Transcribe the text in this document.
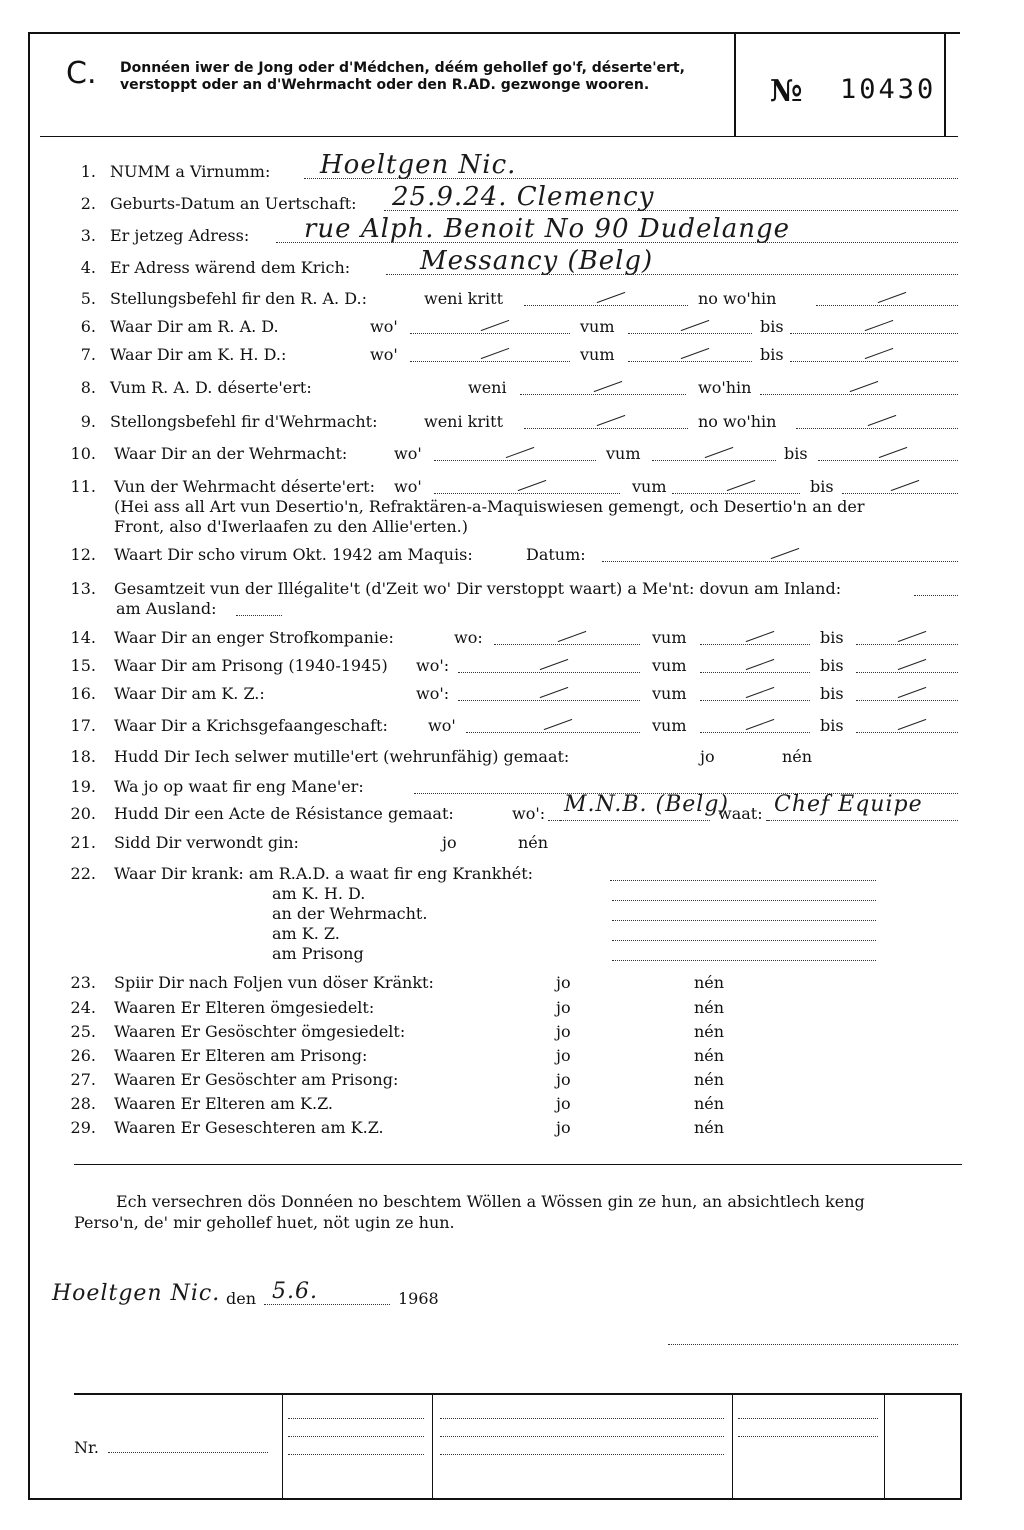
C. Donnéen iwer de Jong oder d'Médchen, déém gehollef go'f, déserte'ert, verstoppt oder an d'Wehrmacht oder den R.AD. gezwonge wooren.	№ 10430
1. NUMM a Virnumm: Hoeltgen Nic.
2. Geburts-Datum an Uertschaft: 25.9.24. Clemency
3. Er jetzeg Adress: rue Alph. Benoit No 90 Dudelange
4. Er Adress wärend dem Krich:	Messancy (Belg)
5. Stellungsbefehl fir den R. A. D.:	weni kritt	no wo'hin
6. Waar Dir am R. A. D.	wo'	vum	bis
7. Waar Dir am K. H. D.:	wo'	vum	bis
8. Vum R. A. D. déserte'ert:	weni	wo'hin
9. Stellongsbefehl fir d'Wehrmacht:	weni kritt	no wo'hin
10. Waar Dir an der Wehrmacht:	wo'	vum	bis
11. Vun der Wehrmacht déserte'ert: wo'	vum	bis
(Hei ass all Art vun Desertio'n, Refraktären-a-Maquiswiesen gemengt, och Desertio'n an der
Front, also d'Iwerlaafen zu den Allie'erten.)
12. Waart Dir scho virum Okt. 1942 am Maquis:	Datum:
13. Gesamtzeit vun der Illégalite't (d'Zeit wo' Dir verstoppt waart) a Me'nt: dovun am Inland:
am Ausland:
14. Waar Dir an enger Strofkompanie:	wo:	vum	bis
15. Waar Dir am Prisong (1940-1945) wo':	vum	bis
16. Waar Dir am K. Z.:	wo':	vum	bis
17. Waar Dir a Krichsgefaangeschaft:	wo'	vum	bis
18. Hudd Dir Iech selwer mutille'ert (wehrunfähig) gemaat:	jo	nén
19. Wa jo op waat fir eng Mane'er:
20. Hudd Dir een Acte de Résistance gemaat:	wo':	waat:
M.N.B. (Belg) Chef Equipe
21. Sidd Dir verwondt gin:	jo	nén
22. Waar Dir krank: am R.A.D. a waat fir eng Krankhét:
am K. H. D.
an der Wehrmacht.
am K. Z.
am Prisong
23. Spiir Dir nach Foljen vun döser Kränkt:	jo	nén
24. Waaren Er Elteren ömgesiedelt:	jo	nén
25. Waaren Er Gesöschter ömgesiedelt:	jo	nén
26. Waaren Er Elteren am Prisong:	jo	nén
27. Waaren Er Gesöschter am Prisong:	jo	nén
28. Waaren Er Elteren am K.Z.	jo	nén
29. Waaren Er Geseschteren am K.Z.	jo	nén
Ech versechren dös Donnéen no beschtem Wöllen a Wössen gin ze hun, an absichtlech keng
Perso'n, de' mir gehollef huet, nöt ugin ze hun.
Hoeltgen Nic. den 5.6.	1968
Nr.
